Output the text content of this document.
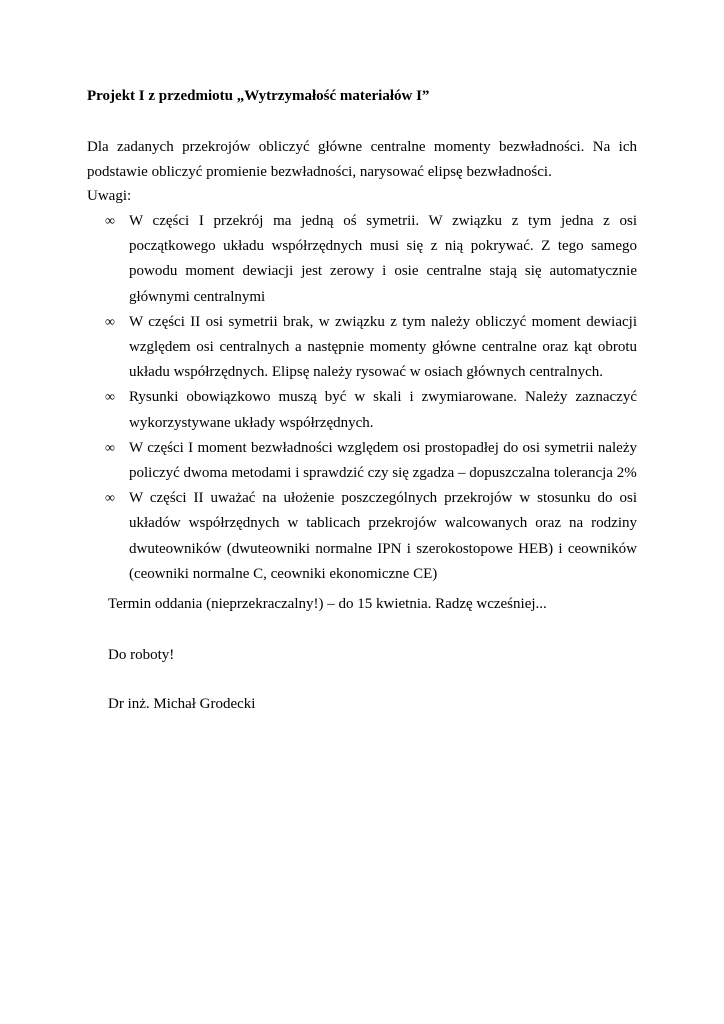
Projekt I z przedmiotu „Wytrzymałość materiałów I”
Dla zadanych przekrojów obliczyć główne centralne momenty bezwładności. Na ich podstawie obliczyć promienie bezwładności, narysować elipsę bezwładności.
Uwagi:
∞ W części I przekrój ma jedną oś symetrii. W związku z tym jedna z osi początkowego układu współrzędnych musi się z nią pokrywać. Z tego samego powodu moment dewiacji jest zerowy i osie centralne stają się automatycznie głównymi centralnymi
∞ W części II osi symetrii brak, w związku z tym należy obliczyć moment dewiacji względem osi centralnych a następnie momenty główne centralne oraz kąt obrotu układu współrzędnych. Elipsę należy rysować w osiach głównych centralnych.
∞ Rysunki obowiązkowo muszą być w skali i zwymiarowane. Należy zaznaczyć wykorzystywane układy współrzędnych.
∞ W części I moment bezwładności względem osi prostopadłej do osi symetrii należy policzyć dwoma metodami i sprawdzić czy się zgadza – dopuszczalna tolerancja 2%
∞ W części II uważać na ułożenie poszczególnych przekrojów w stosunku do osi układów współrzędnych w tablicach przekrojów walcowanych oraz na rodziny dwuteowników (dwuteowniki normalne IPN i szerokostopowe HEB) i ceowników (ceowniki normalne C, ceowniki ekonomiczne CE)
Termin oddania (nieprzekraczalny!) – do 15 kwietnia. Radzę wcześniej...
Do roboty!
Dr inż. Michał Grodecki
